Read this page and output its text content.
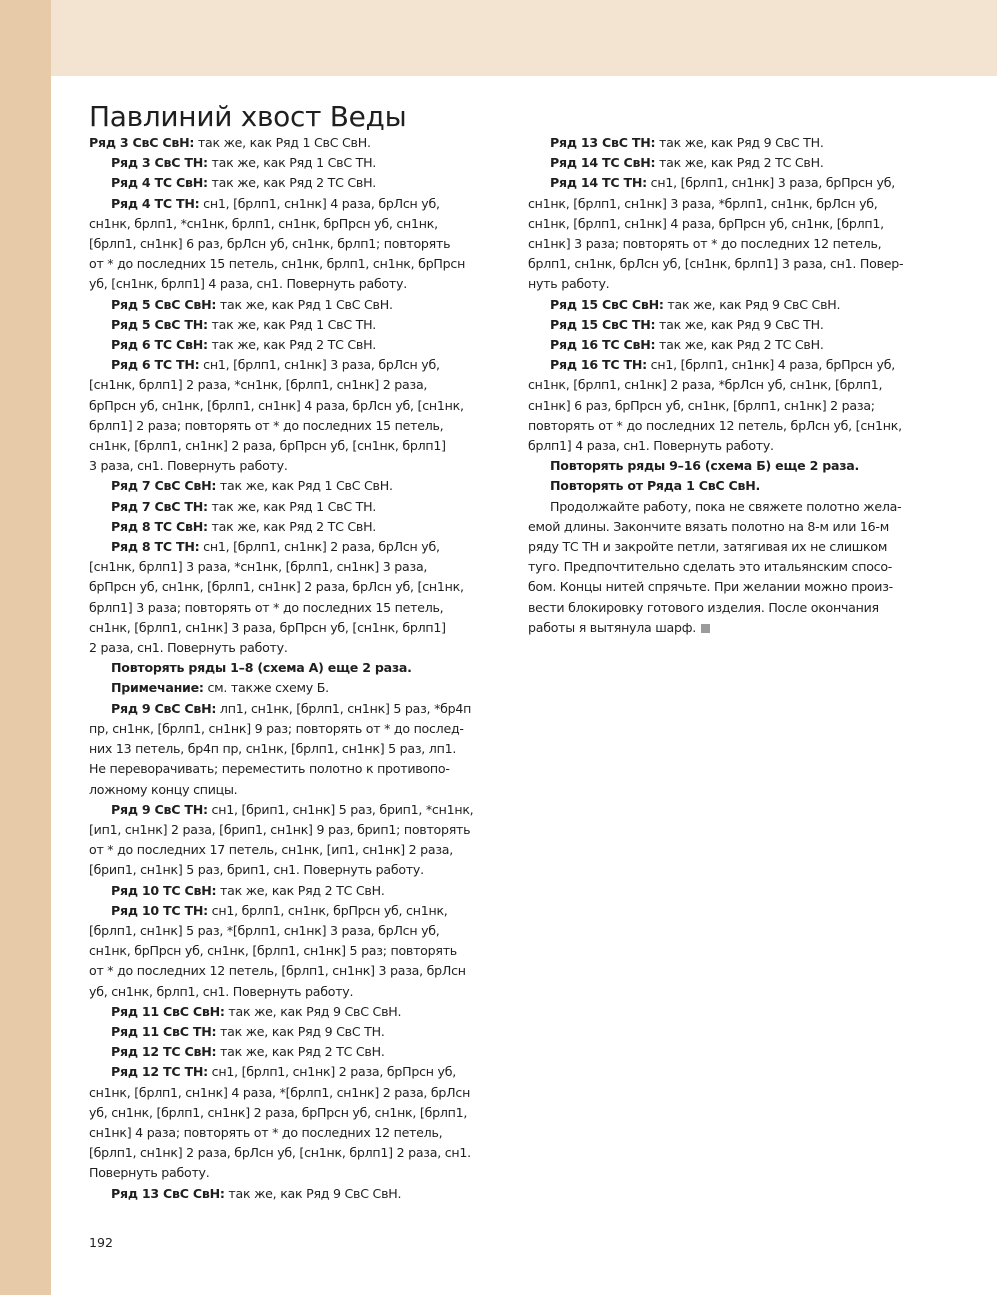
Павлиний хвост Веды

Ряд 3 СвС СвН: так же, как Ряд 1 СвС СвН.

Ряд 3 СвС ТН: так же, как Ряд 1 СвС ТН.

Ряд 4 ТС СвН: так же, как Ряд 2 ТС СвН.

Ряд 4 ТС ТН: сн1, [брлп1, сн1нк] 4 раза, брЛсн уб,

сн1нк, брлп1, *сн1нк, брлп1, сн1нк, брПрсн уб, сн1нк,

[брлп1, сн1нк] 6 раз, брЛсн уб, сн1нк, брлп1; повторять

от * до последних 15 петель, сн1нк, брлп1, сн1нк, брПрсн

уб, [сн1нк, брлп1] 4 раза, сн1. Повернуть работу.

Ряд 5 СвС СвН: так же, как Ряд 1 СвС СвН.

Ряд 5 СвС ТН: так же, как Ряд 1 СвС ТН.

Ряд 6 ТС СвН: так же, как Ряд 2 ТС СвН.

Ряд 6 ТС ТН: сн1, [брлп1, сн1нк] 3 раза, брЛсн уб,

[сн1нк, брлп1] 2 раза, *сн1нк, [брлп1, сн1нк] 2 раза,

брПрсн уб, сн1нк, [брлп1, сн1нк] 4 раза, брЛсн уб, [сн1нк,

брлп1] 2 раза; повторять от * до последних 15 петель,

сн1нк, [брлп1, сн1нк] 2 раза, брПрсн уб, [сн1нк, брлп1]

3 раза, сн1. Повернуть работу.

Ряд 7 СвС СвН: так же, как Ряд 1 СвС СвН.

Ряд 7 СвС ТН: так же, как Ряд 1 СвС ТН.

Ряд 8 ТС СвН: так же, как Ряд 2 ТС СвН.

Ряд 8 ТС ТН: сн1, [брлп1, сн1нк] 2 раза, брЛсн уб,

[сн1нк, брлп1] 3 раза, *сн1нк, [брлп1, сн1нк] 3 раза,

брПрсн уб, сн1нк, [брлп1, сн1нк] 2 раза, брЛсн уб, [сн1нк,

брлп1] 3 раза; повторять от * до последних 15 петель,

сн1нк, [брлп1, сн1нк] 3 раза, брПрсн уб, [сн1нк, брлп1]

2 раза, сн1. Повернуть работу.

Повторять ряды 1–8 (схема А) еще 2 раза.

Примечание: см. также схему Б.

Ряд 9 СвС СвН: лп1, сн1нк, [брлп1, сн1нк] 5 раз, *бр4п

пр, сн1нк, [брлп1, сн1нк] 9 раз; повторять от * до послед-

них 13 петель, бр4п пр, сн1нк, [брлп1, сн1нк] 5 раз, лп1.

Не переворачивать; переместить полотно к противопо-

ложному концу спицы.

Ряд 9 СвС ТН: сн1, [брип1, сн1нк] 5 раз, брип1, *сн1нк,

[ип1, сн1нк] 2 раза, [брип1, сн1нк] 9 раз, брип1; повторять

от * до последних 17 петель, сн1нк, [ип1, сн1нк] 2 раза,

[брип1, сн1нк] 5 раз, брип1, сн1. Повернуть работу.

Ряд 10 ТС СвН: так же, как Ряд 2 ТС СвН.

Ряд 10 ТС ТН: сн1, брлп1, сн1нк, брПрсн уб, сн1нк,

[брлп1, сн1нк] 5 раз, *[брлп1, сн1нк] 3 раза, брЛсн уб,

сн1нк, брПрсн уб, сн1нк, [брлп1, сн1нк] 5 раз; повторять

от * до последних 12 петель, [брлп1, сн1нк] 3 раза, брЛсн

уб, сн1нк, брлп1, сн1. Повернуть работу.

Ряд 11 СвС СвН: так же, как Ряд 9 СвС СвН.

Ряд 11 СвС ТН: так же, как Ряд 9 СвС ТН.

Ряд 12 ТС СвН: так же, как Ряд 2 ТС СвН.

Ряд 12 ТС ТН: сн1, [брлп1, сн1нк] 2 раза, брПрсн уб,

сн1нк, [брлп1, сн1нк] 4 раза, *[брлп1, сн1нк] 2 раза, брЛсн

уб, сн1нк, [брлп1, сн1нк] 2 раза, брПрсн уб, сн1нк, [брлп1,

сн1нк] 4 раза; повторять от * до последних 12 петель,

[брлп1, сн1нк] 2 раза, брЛсн уб, [сн1нк, брлп1] 2 раза, сн1.

Повернуть работу.

Ряд 13 СвС СвН: так же, как Ряд 9 СвС СвН.

Ряд 13 СвС ТН: так же, как Ряд 9 СвС ТН.

Ряд 14 ТС СвН: так же, как Ряд 2 ТС СвН.

Ряд 14 ТС ТН: сн1, [брлп1, сн1нк] 3 раза, брПрсн уб,

сн1нк, [брлп1, сн1нк] 3 раза, *брлп1, сн1нк, брЛсн уб,

сн1нк, [брлп1, сн1нк] 4 раза, брПрсн уб, сн1нк, [брлп1,

сн1нк] 3 раза; повторять от * до последних 12 петель,

брлп1, сн1нк, брЛсн уб, [сн1нк, брлп1] 3 раза, сн1. Повер-

нуть работу.

Ряд 15 СвС СвН: так же, как Ряд 9 СвС СвН.

Ряд 15 СвС ТН: так же, как Ряд 9 СвС ТН.

Ряд 16 ТС СвН: так же, как Ряд 2 ТС СвН.

Ряд 16 ТС ТН: сн1, [брлп1, сн1нк] 4 раза, брПрсн уб,

сн1нк, [брлп1, сн1нк] 2 раза, *брЛсн уб, сн1нк, [брлп1,

сн1нк] 6 раз, брПрсн уб, сн1нк, [брлп1, сн1нк] 2 раза;

повторять от * до последних 12 петель, брЛсн уб, [сн1нк,

брлп1] 4 раза, сн1. Повернуть работу.

Повторять ряды 9–16 (схема Б) еще 2 раза.

Повторять от Ряда 1 СвС СвН.

Продолжайте работу, пока не свяжете полотно жела-

емой длины. Закончите вязать полотно на 8-м или 16-м

ряду ТС ТН и закройте петли, затягивая их не слишком

туго. Предпочтительно сделать это итальянским спосо-

бом. Концы нитей спрячьте. При желании можно произ-

вести блокировку готового изделия. После окончания

работы я вытянула шарф.

192
